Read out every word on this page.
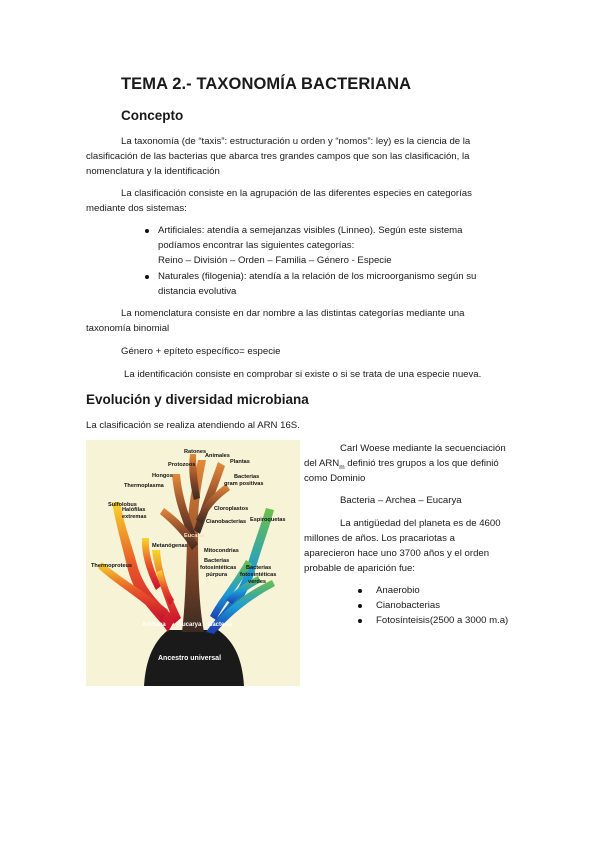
TEMA 2.- TAXONOMÍA BACTERIANA
Concepto
La taxonomía (de “taxis”: estructuración u orden y “nomos”: ley) es la ciencia de la
clasificación de las bacterias que abarca tres grandes campos que son las clasificación, la
nomenclatura y la identificación
La clasificación consiste en la agrupación de las diferentes especies en categorías
mediante dos sistemas:
Artificiales: atendía a semejanzas visibles (Linneo). Según este sistema
podíamos encontrar las siguientes categorías:
Reino – División – Orden – Familia – Género - Especie
Naturales (filogenia): atendía a la relación de los microorganismo según su
distancia evolutiva
La nomenclatura consiste en dar nombre a las distintas categorías mediante una
taxonomía binomial
Género + epíteto específico= especie
La identificación consiste en comprobar si existe o si se trata de una especie nueva.
Evolución y diversidad microbiana
La clasificación se realiza atendiendo al ARN 16S.
Carl Woese mediante la secuenciación
del $ARN_m$ definió tres grupos a los que definió
como Dominio
Bacteria – Archea – Eucarya
La antigüedad del planeta es de 4600
millones de años. Los pracariotas a
aparecieron hace uno 3700 años y el orden
probable de aparición fue:
Anaerobio
Cianobacterias
Fotosínteisis(2500 a 3000 m.a)
Ratones
Animales
Protozoos	Plantas
Hongos
Thermoplasma
Bacterias
gram positivas
Sulfolobus
Cloroplastos
Halófilas
extremas
Cianobacterias Espiroquetas
Eucaria
Metanógenas
Mitocondrias
Thermoproteus
Bacterias
fotosintéticas
púrpura
Bacterias
fotosintéticas
verdes
Archaea Eucarya Bacteria
Ancestro universal
